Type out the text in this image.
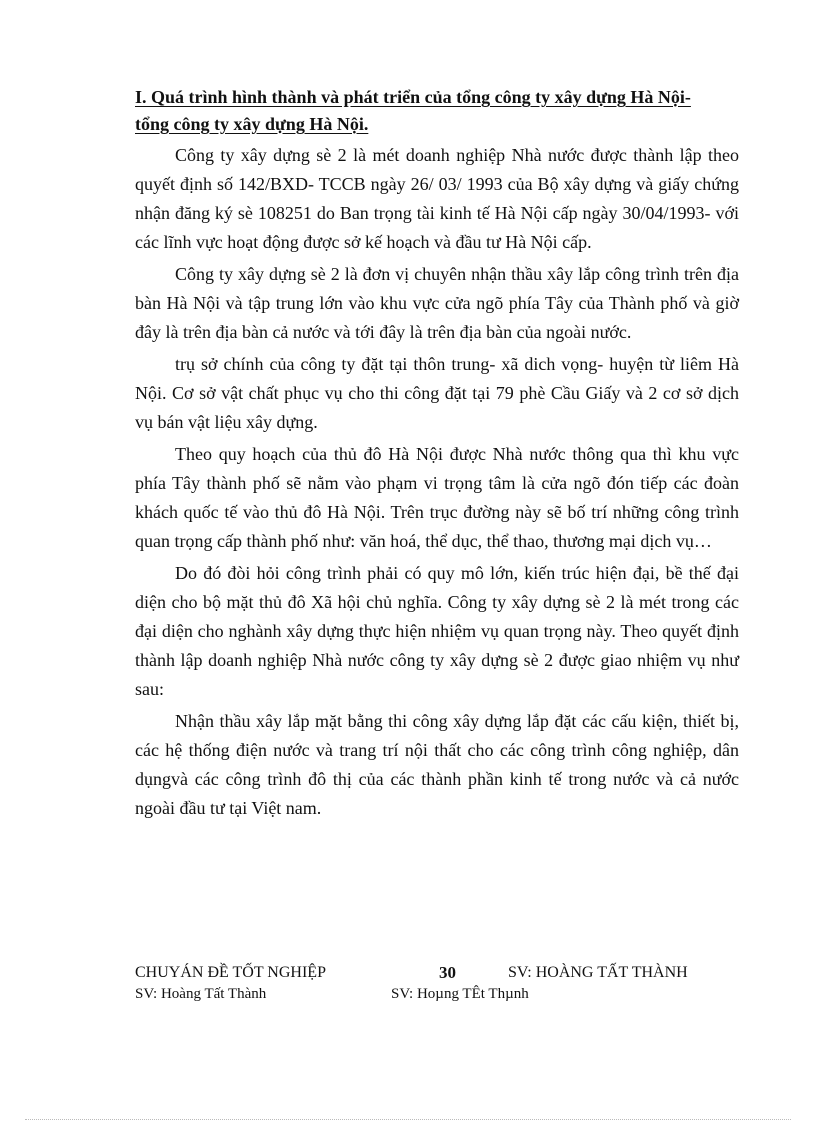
I. Quá trình hình thành và phát triển của tổng công ty xây dựng Hà Nội-
tổng công ty xây dựng Hà Nội.

Công ty xây dựng sè 2 là mét doanh nghiệp Nhà nước được thành lập theo quyết định số 142/BXD- TCCB ngày 26/ 03/ 1993 của Bộ xây dựng và giấy chứng nhận đăng ký sè 108251 do Ban trọng tài kinh tế Hà Nội cấp ngày 30/04/1993- với các lĩnh vực hoạt động được sở kế hoạch và đầu tư Hà Nội cấp.

Công ty xây dựng sè 2 là đơn vị chuyên nhận thầu xây lắp công trình trên địa bàn Hà Nội và tập trung lớn vào khu vực cửa ngõ phía Tây của Thành phố và giờ đây là trên địa bàn cả nước và tới đây là trên địa bàn của ngoài nước.

trụ sở chính của công ty đặt tại thôn trung- xã dich vọng- huyện từ liêm Hà Nội. Cơ sở vật chất phục vụ cho thi công đặt tại 79 phè Cầu Giấy và 2 cơ sở dịch vụ bán vật liệu xây dựng.

Theo quy hoạch của thủ đô Hà Nội được Nhà nước thông qua thì khu vực phía Tây thành phố sẽ nằm vào phạm vi trọng tâm là cửa ngõ đón tiếp các đoàn khách quốc tế vào thủ đô Hà Nội. Trên trục đường này sẽ bố trí những công trình quan trọng cấp thành phố như: văn hoá, thể dục, thể thao, thương mại dịch vụ…

Do đó đòi hỏi công trình phải có quy mô lớn, kiến trúc hiện đại, bề thế đại diện cho bộ mặt thủ đô Xã hội chủ nghĩa. Công ty xây dựng sè 2 là mét trong các đại diện cho nghành xây dựng thực hiện nhiệm vụ quan trọng này. Theo quyết định thành lập doanh nghiệp Nhà nước công ty xây dựng sè 2 được giao nhiệm vụ như sau:

Nhận thầu xây lắp mặt bằng thi công xây dựng lắp đặt các cấu kiện, thiết bị, các hệ thống điện nước và trang trí nội thất cho các công trình công nghiệp, dân dụngvà các công trình đô thị của các thành phần kinh tế trong nước và cả nước ngoài đầu tư tại Việt nam.

CHUYÁN ĐỀ TỐT NGHIỆP	30	SV: HOÀNG TẤT THÀNH
SV: Hoàng Tất Thành	SV: Hoµng TÊt Thµnh
